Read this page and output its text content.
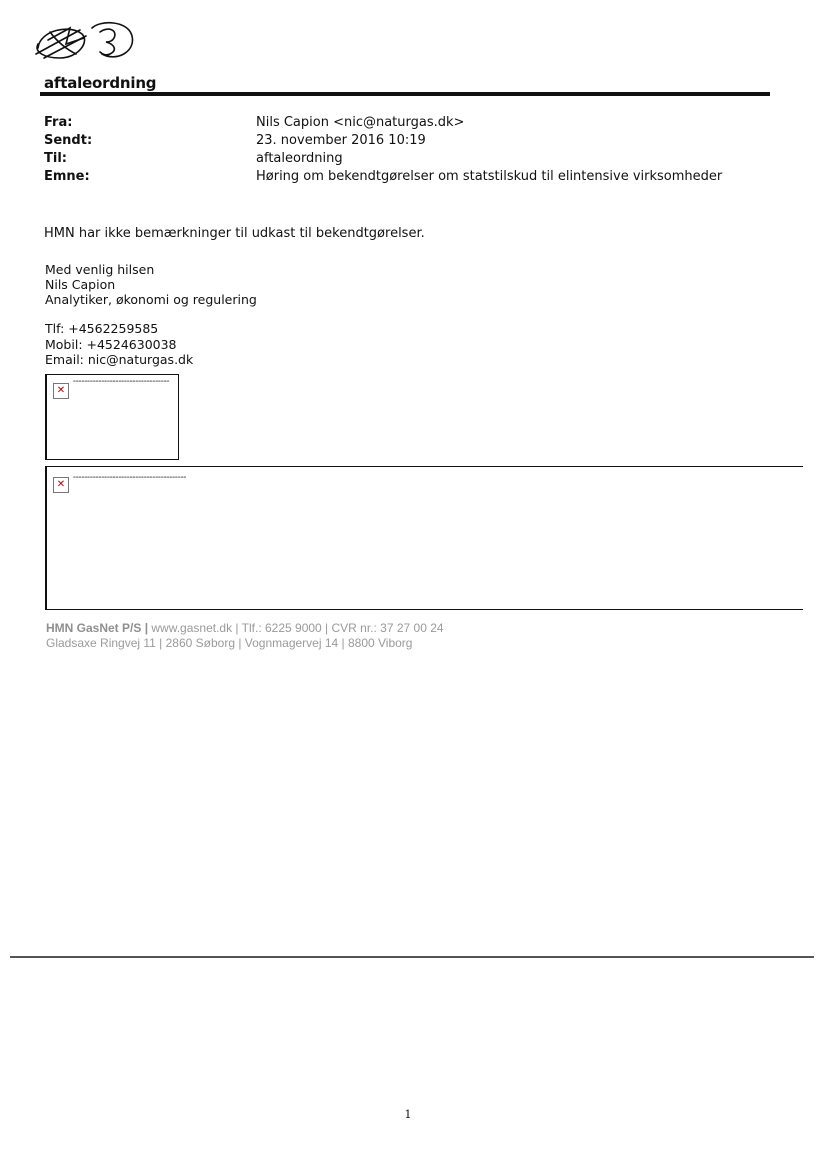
aftaleordning
Fra:	Nils Capion <nic@naturgas.dk>
Sendt:	23. november 2016 10:19
Til:	aftaleordning
Emne:	Høring om bekendtgørelser om statstilskud til elintensive virksomheder
HMN har ikke bemærkninger til udkast til bekendtgørelser.
Med venlig hilsen
Nils Capion
Analytiker, økonomi og regulering
Tlf: +4562259585
Mobil: +4524630038
Email: nic@naturgas.dk
✕
▬▬▬▬▬▬▬▬▬▬▬▬▬▬▬▬▬▬▬▬▬▬▬▬▬▬▬▬▬▬▬▬▬▬
✕
▬▬▬▬▬▬▬▬▬▬▬▬▬▬▬▬▬▬▬▬▬▬▬▬▬▬▬▬▬▬▬▬▬▬▬▬▬▬▬▬
HMN GasNet P/S | www.gasnet.dk | Tlf.: 6225 9000 | CVR nr.: 37 27 00 24
Gladsaxe Ringvej 11 | 2860 Søborg | Vognmagervej 14 | 8800 Viborg
1
